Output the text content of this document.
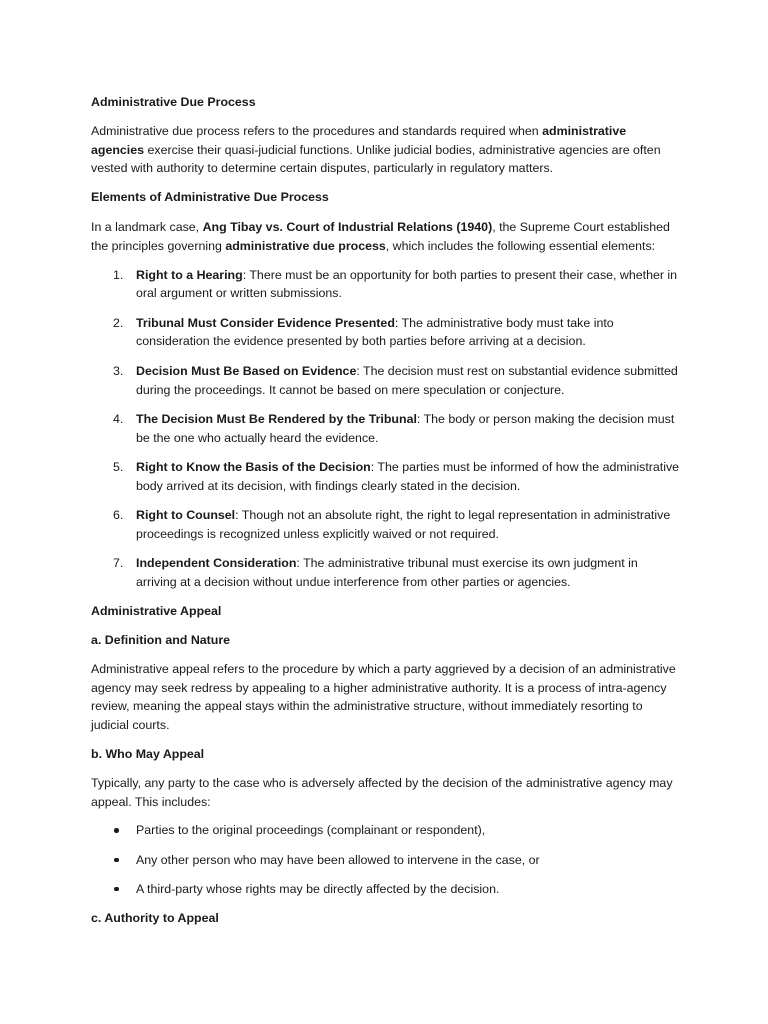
Administrative Due Process

Administrative due process refers to the procedures and standards required when administrative agencies exercise their quasi-judicial functions. Unlike judicial bodies, administrative agencies are often vested with authority to determine certain disputes, particularly in regulatory matters.

Elements of Administrative Due Process

In a landmark case, Ang Tibay vs. Court of Industrial Relations (1940), the Supreme Court established the principles governing administrative due process, which includes the following essential elements:

1. Right to a Hearing: There must be an opportunity for both parties to present their case, whether in oral argument or written submissions.
2. Tribunal Must Consider Evidence Presented: The administrative body must take into consideration the evidence presented by both parties before arriving at a decision.
3. Decision Must Be Based on Evidence: The decision must rest on substantial evidence submitted during the proceedings. It cannot be based on mere speculation or conjecture.
4. The Decision Must Be Rendered by the Tribunal: The body or person making the decision must be the one who actually heard the evidence.
5. Right to Know the Basis of the Decision: The parties must be informed of how the administrative body arrived at its decision, with findings clearly stated in the decision.
6. Right to Counsel: Though not an absolute right, the right to legal representation in administrative proceedings is recognized unless explicitly waived or not required.
7. Independent Consideration: The administrative tribunal must exercise its own judgment in arriving at a decision without undue interference from other parties or agencies.

Administrative Appeal

a. Definition and Nature

Administrative appeal refers to the procedure by which a party aggrieved by a decision of an administrative agency may seek redress by appealing to a higher administrative authority. It is a process of intra-agency review, meaning the appeal stays within the administrative structure, without immediately resorting to judicial courts.

b. Who May Appeal

Typically, any party to the case who is adversely affected by the decision of the administrative agency may appeal. This includes:

Parties to the original proceedings (complainant or respondent),
Any other person who may have been allowed to intervene in the case, or
A third-party whose rights may be directly affected by the decision.

c. Authority to Appeal
